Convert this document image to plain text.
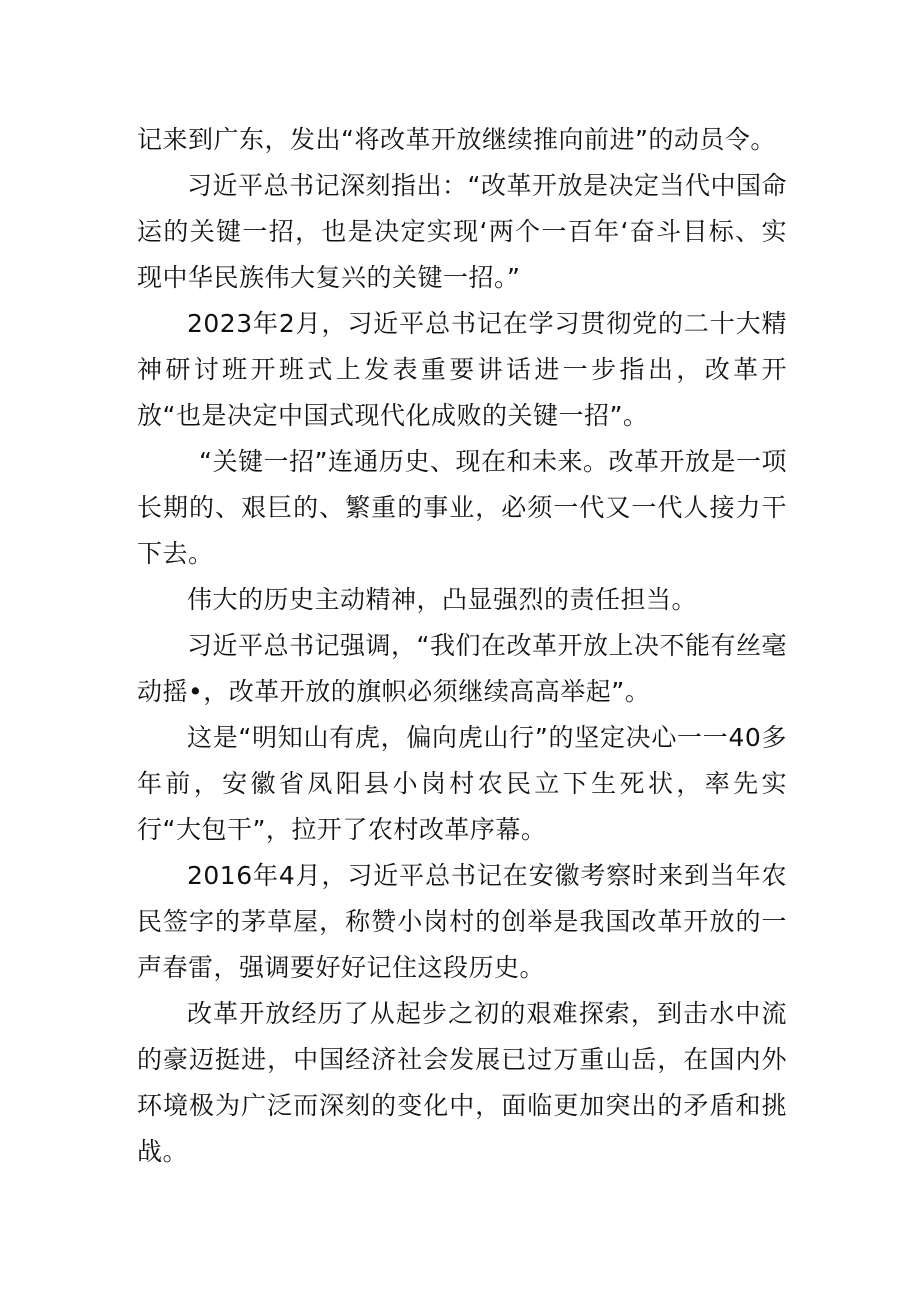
记来到广东，发出“将改革开放继续推向前进”的动员令。

习近平总书记深刻指出：“改革开放是决定当代中国命运的关键一招，也是决定实现‘两个一百年‘奋斗目标、实现中华民族伟大复兴的关键一招。”

2023年2月，习近平总书记在学习贯彻党的二十大精神研讨班开班式上发表重要讲话进一步指出，改革开放“也是决定中国式现代化成败的关键一招”。

“关键一招”连通历史、现在和未来。改革开放是一项长期的、艰巨的、繁重的事业，必须一代又一代人接力干下去。

伟大的历史主动精神，凸显强烈的责任担当。

习近平总书记强调，“我们在改革开放上决不能有丝毫动摇•，改革开放的旗帜必须继续高高举起”。

这是“明知山有虎，偏向虎山行”的坚定决心一一40多年前，安徽省凤阳县小岗村农民立下生死状，率先实行“大包干”，拉开了农村改革序幕。

2016年4月，习近平总书记在安徽考察时来到当年农民签字的茅草屋，称赞小岗村的创举是我国改革开放的一声春雷，强调要好好记住这段历史。

改革开放经历了从起步之初的艰难探索，到击水中流的豪迈挺进，中国经济社会发展已过万重山岳，在国内外环境极为广泛而深刻的变化中，面临更加突出的矛盾和挑战。
